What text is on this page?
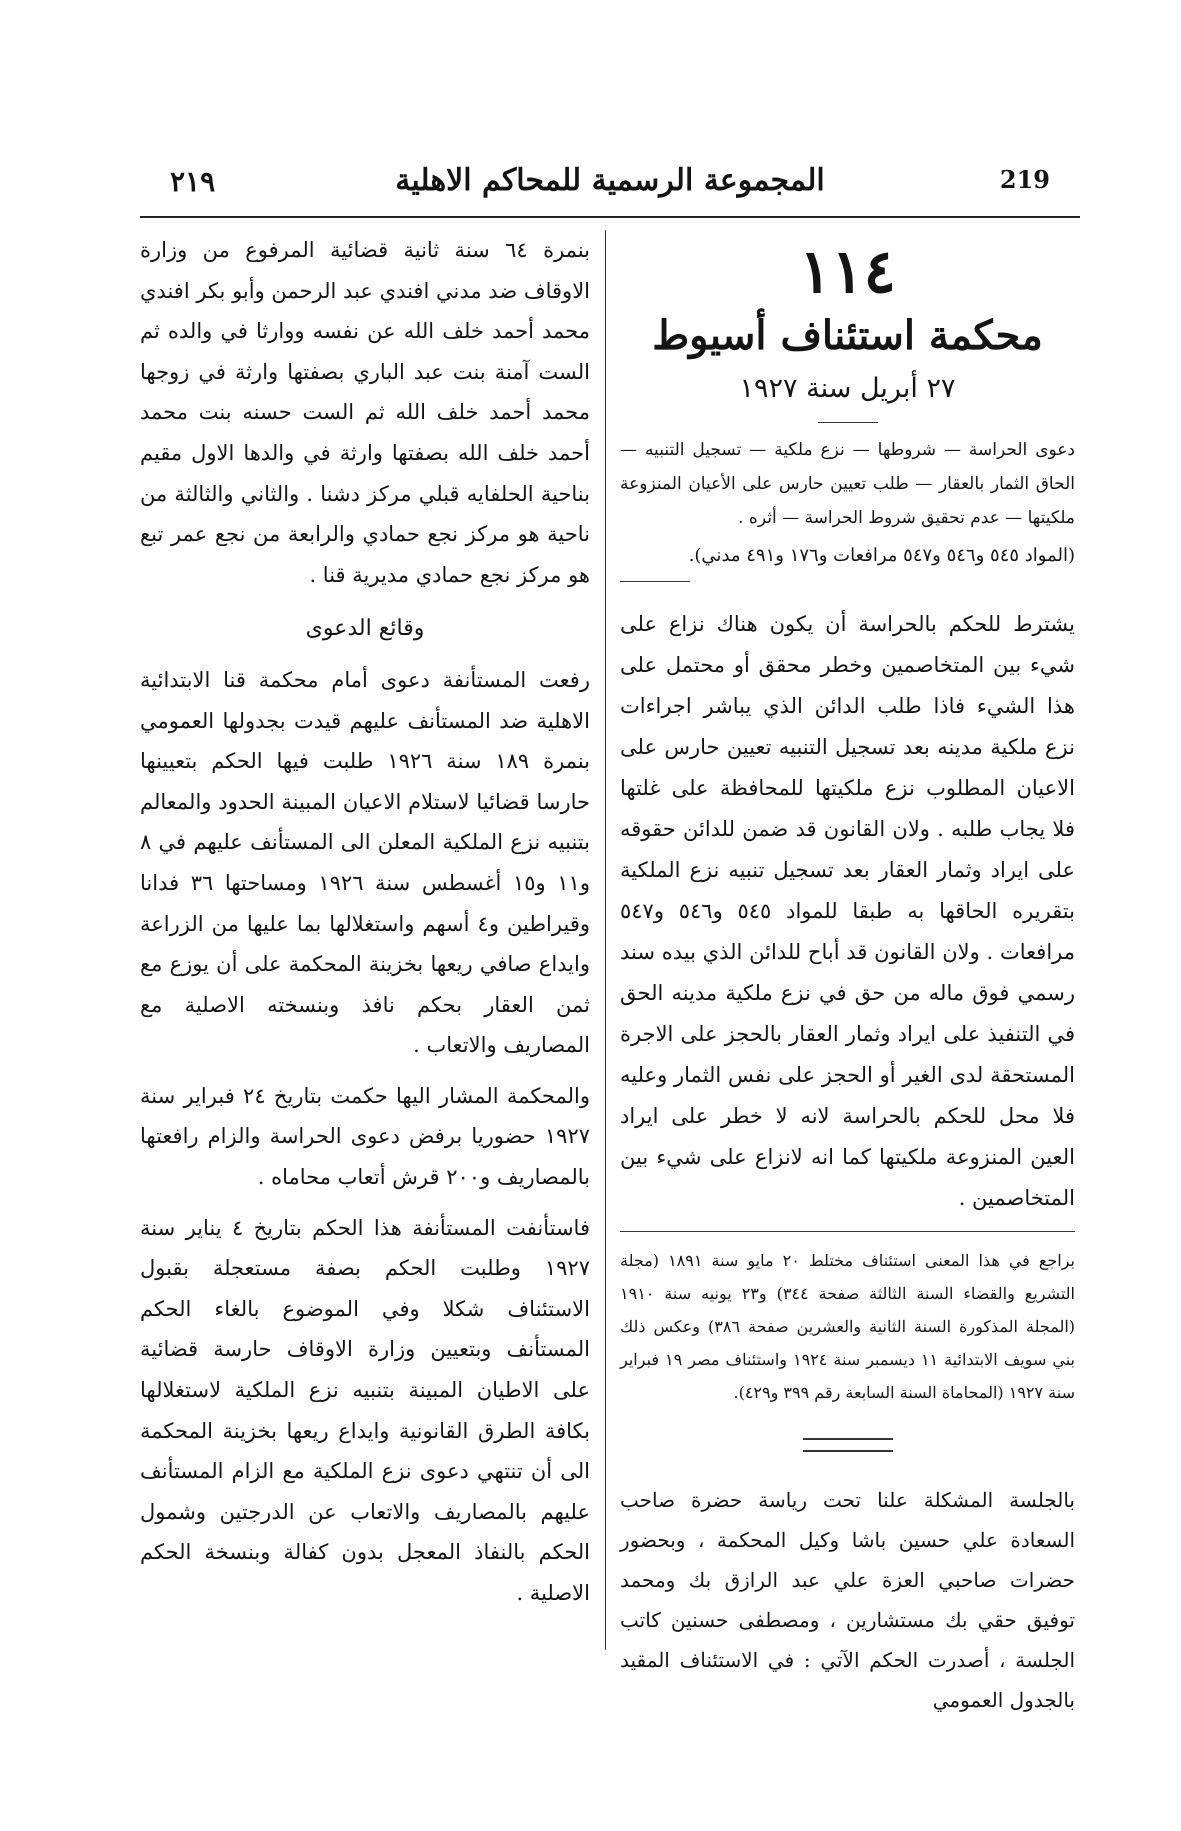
٢١٩	المجموعة الرسمية للمحاكم الاهلية	219
١١٤
محكمة استئناف أسيوط
٢٧ أبريل سنة ١٩٢٧

دعوى الحراسة — شروطها — نزع ملكية — تسجيل التنبيه — الحاق الثمار بالعقار — طلب تعيين حارس على الأعيان المنزوعة ملكيتها — عدم تحقيق شروط الحراسة — أثره .

(المواد ٥٤٥ و٥٤٦ و٥٤٧ مرافعات و١٧٦ و٤٩١ مدني).

يشترط للحكم بالحراسة أن يكون هناك نزاع على شيء بين المتخاصمين وخطر محقق أو محتمل على هذا الشيء فاذا طلب الدائن الذي يباشر اجراءات نزع ملكية مدينه بعد تسجيل التنبيه تعيين حارس على الاعيان المطلوب نزع ملكيتها للمحافظة على غلتها فلا يجاب طلبه . ولان القانون قد ضمن للدائن حقوقه على ايراد وثمار العقار بعد تسجيل تنبيه نزع الملكية بتقريره الحاقها به طبقا للمواد ٥٤٥ و٥٤٦ و٥٤٧ مرافعات . ولان القانون قد أباح للدائن الذي بيده سند رسمي فوق ماله من حق في نزع ملكية مدينه الحق في التنفيذ على ايراد وثمار العقار بالحجز على الاجرة المستحقة لدى الغير أو الحجز على نفس الثمار وعليه فلا محل للحكم بالحراسة لانه لا خطر على ايراد العين المنزوعة ملكيتها كما انه لانزاع على شيء بين المتخاصمين .

براجع في هذا المعنى استئناف مختلط ٢٠ مايو سنة ١٨٩١ (مجلة التشريع والقضاء السنة الثالثة صفحة ٣٤٤) و٢٣ يونيه سنة ١٩١٠ (المجلة المذكورة السنة الثانية والعشرين صفحة ٣٨٦) وعكس ذلك بني سويف الابتدائية ١١ ديسمبر سنة ١٩٢٤ واستئناف مصر ١٩ فبراير سنة ١٩٢٧ (المحاماة السنة السابعة رقم ٣٩٩ و٤٢٩).

بالجلسة المشكلة علنا تحت رياسة حضرة صاحب السعادة علي حسين باشا وكيل المحكمة ، وبحضور حضرات صاحبي العزة علي عبد الرازق بك ومحمد توفيق حقي بك مستشارين ، ومصطفى حسنين كاتب الجلسة ، أصدرت الحكم الآتي : في الاستئناف المقيد بالجدول العمومي

بنمرة ٦٤ سنة ثانية قضائية المرفوع من وزارة الاوقاف ضد مدني افندي عبد الرحمن وأبو بكر افندي محمد أحمد خلف الله عن نفسه ووارثا في والده ثم الست آمنة بنت عبد الباري بصفتها وارثة في زوجها محمد أحمد خلف الله ثم الست حسنه بنت محمد أحمد خلف الله بصفتها وارثة في والدها الاول مقيم بناحية الحلفايه قبلي مركز دشنا . والثاني والثالثة من ناحية هو مركز نجع حمادي والرابعة من نجع عمر تبع هو مركز نجع حمادي مديرية قنا .

وقائع الدعوى

رفعت المستأنفة دعوى أمام محكمة قنا الابتدائية الاهلية ضد المستأنف عليهم قيدت بجدولها العمومي بنمرة ١٨٩ سنة ١٩٢٦ طلبت فيها الحكم بتعيينها حارسا قضائيا لاستلام الاعيان المبينة الحدود والمعالم بتنبيه نزع الملكية المعلن الى المستأنف عليهم في ٨ و١١ و١٥ أغسطس سنة ١٩٢٦ ومساحتها ٣٦ فدانا وقيراطين و٤ أسهم واستغلالها بما عليها من الزراعة وايداع صافي ريعها بخزينة المحكمة على أن يوزع مع ثمن العقار بحكم نافذ وبنسخته الاصلية مع المصاريف والاتعاب .

والمحكمة المشار اليها حكمت بتاريخ ٢٤ فبراير سنة ١٩٢٧ حضوريا برفض دعوى الحراسة والزام رافعتها بالمصاريف و٢٠٠ قرش أتعاب محاماه .

فاستأنفت المستأنفة هذا الحكم بتاريخ ٤ يناير سنة ١٩٢٧ وطلبت الحكم بصفة مستعجلة بقبول الاستئناف شكلا وفي الموضوع بالغاء الحكم المستأنف وبتعيين وزارة الاوقاف حارسة قضائية على الاطيان المبينة بتنبيه نزع الملكية لاستغلالها بكافة الطرق القانونية وايداع ريعها بخزينة المحكمة الى أن تنتهي دعوى نزع الملكية مع الزام المستأنف عليهم بالمصاريف والاتعاب عن الدرجتين وشمول الحكم بالنفاذ المعجل بدون كفالة وبنسخة الحكم الاصلية .
